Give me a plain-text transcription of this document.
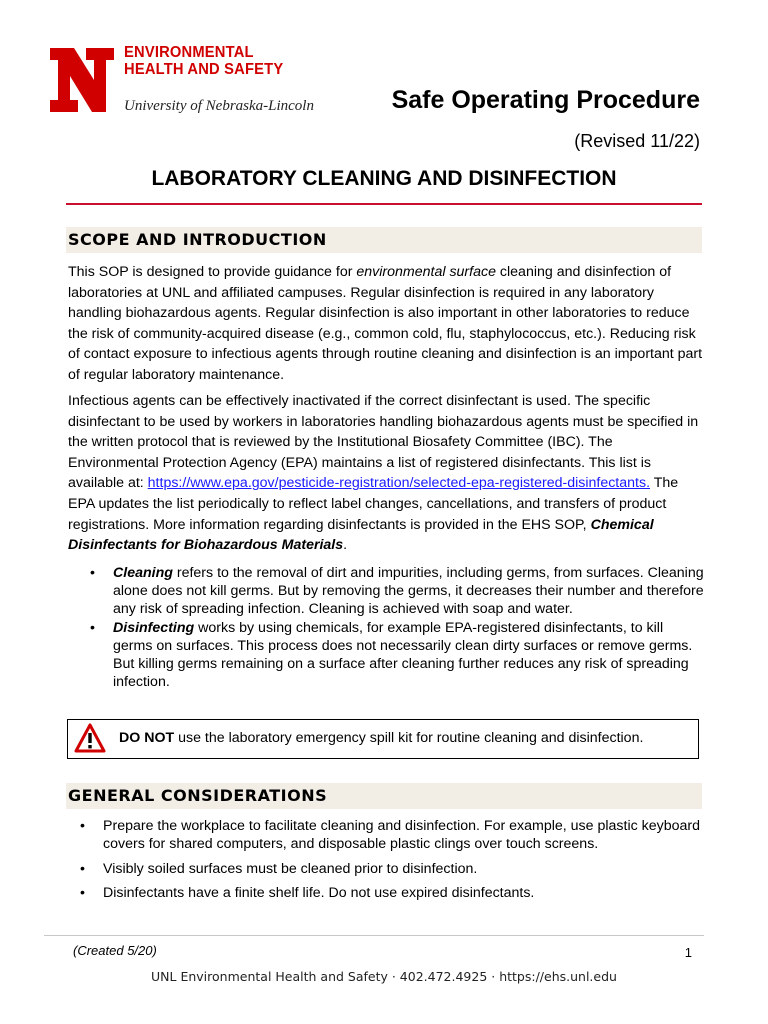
ENVIRONMENTAL
HEALTH AND SAFETY
University of Nebraska-Lincoln	Safe Operating Procedure
(Revised 11/22)
LABORATORY CLEANING AND DISINFECTION
SCOPE AND INTRODUCTION
This SOP is designed to provide guidance for environmental surface cleaning and disinfection of laboratories at UNL and affiliated campuses. Regular disinfection is required in any laboratory handling biohazardous agents. Regular disinfection is also important in other laboratories to reduce the risk of community-acquired disease (e.g., common cold, flu, staphylococcus, etc.). Reducing risk of contact exposure to infectious agents through routine cleaning and disinfection is an important part of regular laboratory maintenance.
Infectious agents can be effectively inactivated if the correct disinfectant is used. The specific disinfectant to be used by workers in laboratories handling biohazardous agents must be specified in the written protocol that is reviewed by the Institutional Biosafety Committee (IBC). The Environmental Protection Agency (EPA) maintains a list of registered disinfectants. This list is available at: https://www.epa.gov/pesticide-registration/selected-epa-registered-disinfectants. The EPA updates the list periodically to reflect label changes, cancellations, and transfers of product registrations. More information regarding disinfectants is provided in the EHS SOP, Chemical Disinfectants for Biohazardous Materials.
• Cleaning refers to the removal of dirt and impurities, including germs, from surfaces. Cleaning alone does not kill germs. But by removing the germs, it decreases their number and therefore any risk of spreading infection. Cleaning is achieved with soap and water.
• Disinfecting works by using chemicals, for example EPA-registered disinfectants, to kill germs on surfaces. This process does not necessarily clean dirty surfaces or remove germs. But killing germs remaining on a surface after cleaning further reduces any risk of spreading infection.
DO NOT use the laboratory emergency spill kit for routine cleaning and disinfection.
GENERAL CONSIDERATIONS
• Prepare the workplace to facilitate cleaning and disinfection. For example, use plastic keyboard covers for shared computers, and disposable plastic clings over touch screens.
• Visibly soiled surfaces must be cleaned prior to disinfection.
• Disinfectants have a finite shelf life. Do not use expired disinfectants.
(Created 5/20)	1
UNL Environmental Health and Safety · 402.472.4925 · https://ehs.unl.edu
